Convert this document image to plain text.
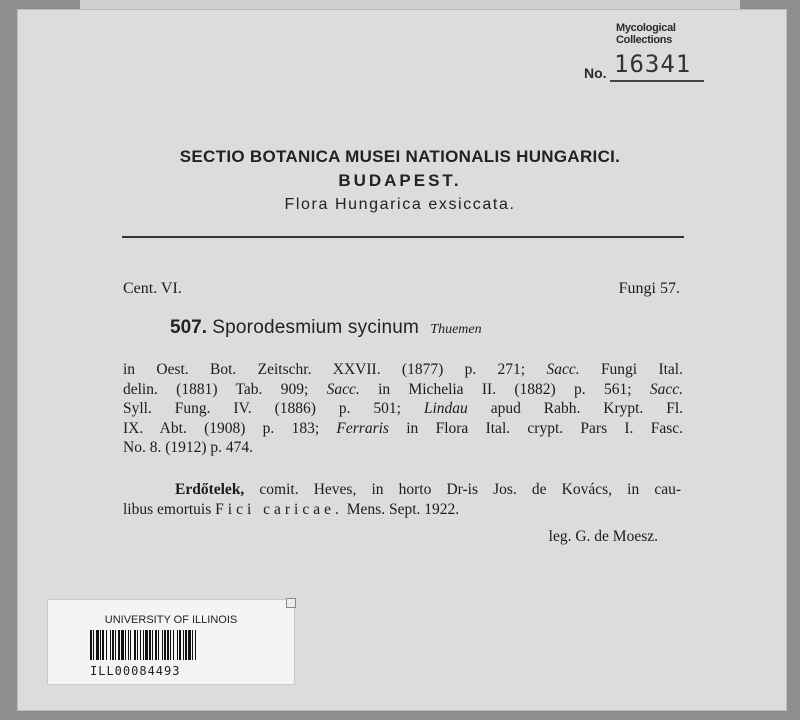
Mycological
Collections
No. 16341
SECTIO BOTANICA MUSEI NATIONALIS HUNGARICI.
BUDAPEST.
Flora Hungarica exsiccata.
Cent. VI.	Fungi 57.
507. Sporodesmium sycinum Thuemen
in Oest. Bot. Zeitschr. XXVII. (1877) p. 271; Sacc. Fungi Ital.
delin. (1881) Tab. 909; Sacc. in Michelia II. (1882) p. 561; Sacc.
Syll. Fung. IV. (1886) p. 501; Lindau apud Rabh. Krypt. Fl.
IX. Abt. (1908) p. 183; Ferraris in Flora Ital. crypt. Pars I. Fasc.
No. 8. (1912) p. 474.
Erdőtelek, comit. Heves, in horto Dr-is Jos. de Kovács, in cau-
libus emortuis Fici caricae. Mens. Sept. 1922.
leg. G. de Moesz.
UNIVERSITY OF ILLINOIS
ILL00084493
